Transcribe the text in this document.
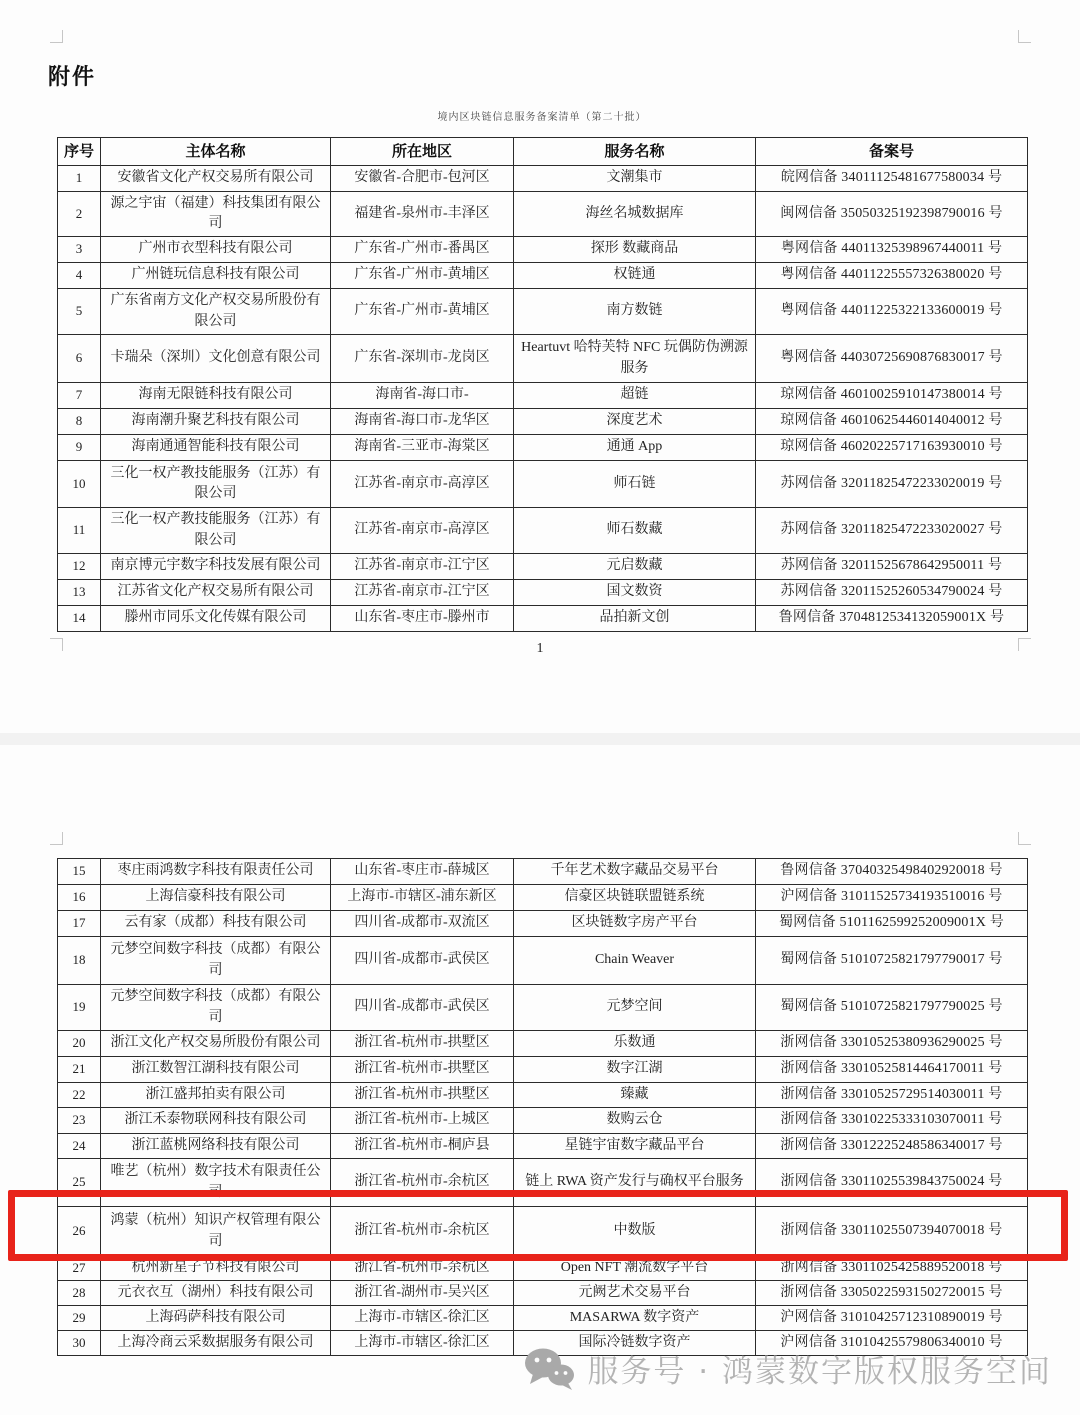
附件
境内区块链信息服务备案清单（第二十批）
序号	主体名称	所在地区	服务名称	备案号
1	安徽省文化产权交易所有限公司	安徽省-合肥市-包河区	文潮集市	皖网信备 34011125481677580034 号
2	源之宇宙（福建）科技集团有限公司	福建省-泉州市-丰泽区	海丝名城数据库	闽网信备 35050325192398790016 号
3	广州市衣型科技有限公司	广东省-广州市-番禺区	探形 数藏商品	粤网信备 44011325398967440011 号
4	广州链玩信息科技有限公司	广东省-广州市-黄埔区	权链通	粤网信备 44011225557326380020 号
5	广东省南方文化产权交易所股份有限公司	广东省-广州市-黄埔区	南方数链	粤网信备 44011225322133600019 号
6	卡瑞朵（深圳）文化创意有限公司	广东省-深圳市-龙岗区	Heartuvt 哈特芙特 NFC 玩偶防伪溯源服务	粤网信备 44030725690876830017 号
7	海南无限链科技有限公司	海南省-海口市-	超链	琼网信备 46010025910147380014 号
8	海南潮升聚艺科技有限公司	海南省-海口市-龙华区	深度艺术	琼网信备 46010625446014040012 号
9	海南通通智能科技有限公司	海南省-三亚市-海棠区	通通 App	琼网信备 46020225717163930010 号
10	三化一权产教技能服务（江苏）有限公司	江苏省-南京市-高淳区	师石链	苏网信备 32011825472233020019 号
11	三化一权产教技能服务（江苏）有限公司	江苏省-南京市-高淳区	师石数藏	苏网信备 32011825472233020027 号
12	南京博元宇数字科技发展有限公司	江苏省-南京市-江宁区	元启数藏	苏网信备 32011525678642950011 号
13	江苏省文化产权交易所有限公司	江苏省-南京市-江宁区	国文数资	苏网信备 32011525260534790024 号
14	滕州市同乐文化传媒有限公司	山东省-枣庄市-滕州市	品拍新文创	鲁网信备 3704812534132059001X 号
1
15	枣庄雨鸿数字科技有限责任公司	山东省-枣庄市-薛城区	千年艺术数字藏品交易平台	鲁网信备 37040325498402920018 号
16	上海信豪科技有限公司	上海市-市辖区-浦东新区	信豪区块链联盟链系统	沪网信备 31011525734193510016 号
17	云有家（成都）科技有限公司	四川省-成都市-双流区	区块链数字房产平台	蜀网信备 5101162599252009001X 号
18	元梦空间数字科技（成都）有限公司	四川省-成都市-武侯区	Chain Weaver	蜀网信备 51010725821797790017 号
19	元梦空间数字科技（成都）有限公司	四川省-成都市-武侯区	元梦空间	蜀网信备 51010725821797790025 号
20	浙江文化产权交易所股份有限公司	浙江省-杭州市-拱墅区	乐数通	浙网信备 33010525380936290025 号
21	浙江数智江湖科技有限公司	浙江省-杭州市-拱墅区	数字江湖	浙网信备 33010525814464170011 号
22	浙江盛邦拍卖有限公司	浙江省-杭州市-拱墅区	臻藏	浙网信备 33010525729514030011 号
23	浙江禾泰物联网科技有限公司	浙江省-杭州市-上城区	数购云仓	浙网信备 33010225333103070011 号
24	浙江蓝桃网络科技有限公司	浙江省-杭州市-桐庐县	星链宇宙数字藏品平台	浙网信备 33012225248586340017 号
25	唯艺（杭州）数字技术有限责任公司	浙江省-杭州市-余杭区	链上 RWA 资产发行与确权平台服务	浙网信备 33011025539843750024 号
26	鸿蒙（杭州）知识产权管理有限公司	浙江省-杭州市-余杭区	中数版	浙网信备 33011025507394070018 号
27	杭州新星子节科技有限公司	浙江省-杭州市-余杭区	Open NFT 潮流数字平台	浙网信备 33011025425889520018 号
28	元衣衣互（湖州）科技有限公司	浙江省-湖州市-吴兴区	元阙艺术交易平台	浙网信备 33050225931502720015 号
29	上海码萨科技有限公司	上海市-市辖区-徐汇区	MASARWA 数字资产	沪网信备 31010425712310890019 号
30	上海冷商云采数据服务有限公司	上海市-市辖区-徐汇区	国际冷链数字资产	沪网信备 31010425579806340010 号
服务号 · 鸿蒙数字版权服务空间
